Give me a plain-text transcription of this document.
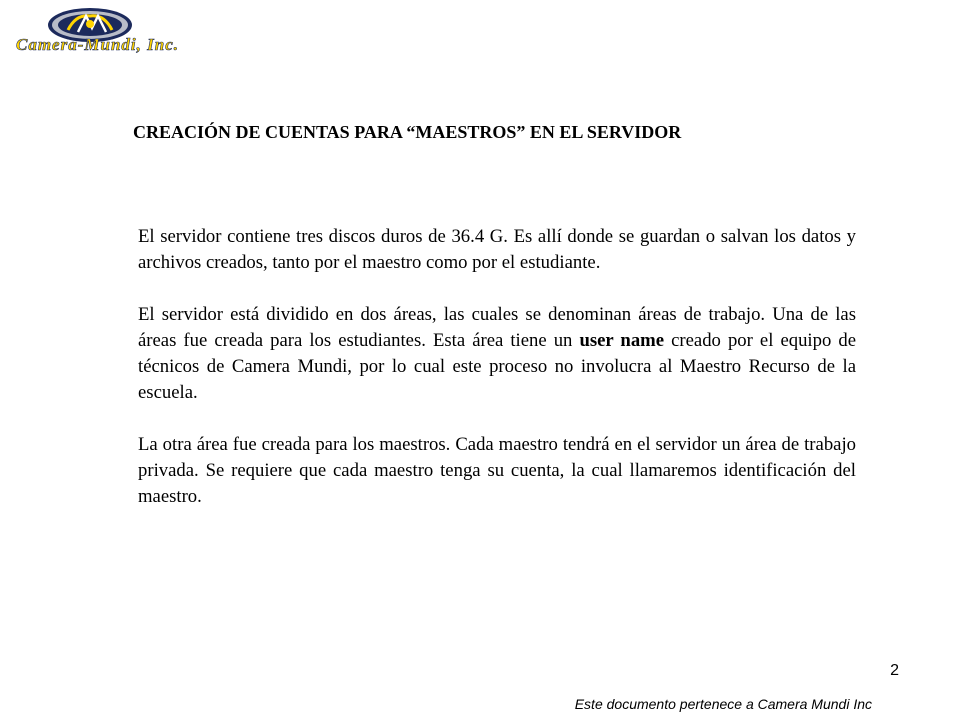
Camera-Mundi, Inc.
CREACIÓN DE CUENTAS PARA “MAESTROS” EN EL SERVIDOR

El servidor contiene tres discos duros de 36.4 G. Es allí donde se guardan o salvan los datos y archivos creados, tanto por el maestro como por el estudiante.

El servidor está dividido en dos áreas, las cuales se denominan áreas de trabajo. Una de las áreas fue creada para los estudiantes. Esta área tiene un user name creado por el equipo de técnicos de Camera Mundi, por lo cual este proceso no involucra al Maestro Recurso de la escuela.

La otra área fue creada para los maestros. Cada maestro tendrá en el servidor un área de trabajo privada. Se requiere que cada maestro tenga su cuenta, la cual llamaremos identificación del maestro.

2
Este documento pertenece a Camera Mundi Inc
